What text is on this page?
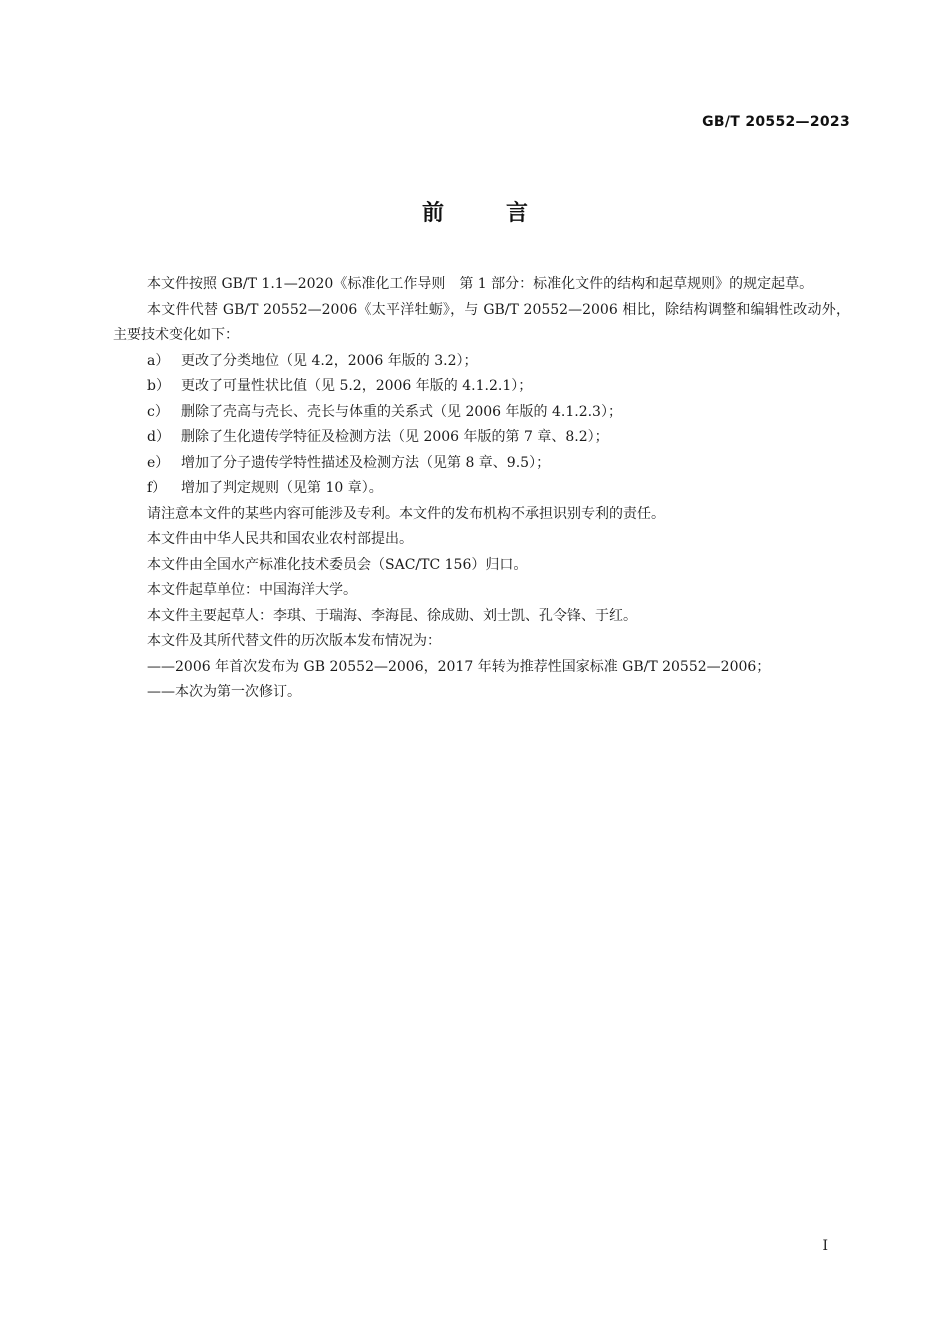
GB/T 20552—2023
前	言

本文件按照 GB/T 1.1—2020《标准化工作导则　第 1 部分：标准化文件的结构和起草规则》的规定起草。

本文件代替 GB/T 20552—2006《太平洋牡蛎》，与 GB/T 20552—2006 相比，除结构调整和编辑性改动外，主要技术变化如下：

a） 更改了分类地位（见 4.2，2006 年版的 3.2）；

b） 更改了可量性状比值（见 5.2，2006 年版的 4.1.2.1）；

c） 删除了壳高与壳长、壳长与体重的关系式（见 2006 年版的 4.1.2.3）；

d） 删除了生化遗传学特征及检测方法（见 2006 年版的第 7 章、8.2）；

e） 增加了分子遗传学特性描述及检测方法（见第 8 章、9.5）；

f） 增加了判定规则（见第 10 章）。

请注意本文件的某些内容可能涉及专利。本文件的发布机构不承担识别专利的责任。

本文件由中华人民共和国农业农村部提出。

本文件由全国水产标准化技术委员会（SAC/TC 156）归口。

本文件起草单位：中国海洋大学。

本文件主要起草人：李琪、于瑞海、李海昆、徐成勋、刘士凯、孔令锋、于红。

本文件及其所代替文件的历次版本发布情况为：

——2006 年首次发布为 GB 20552—2006，2017 年转为推荐性国家标准 GB/T 20552—2006；

——本次为第一次修订。

I
